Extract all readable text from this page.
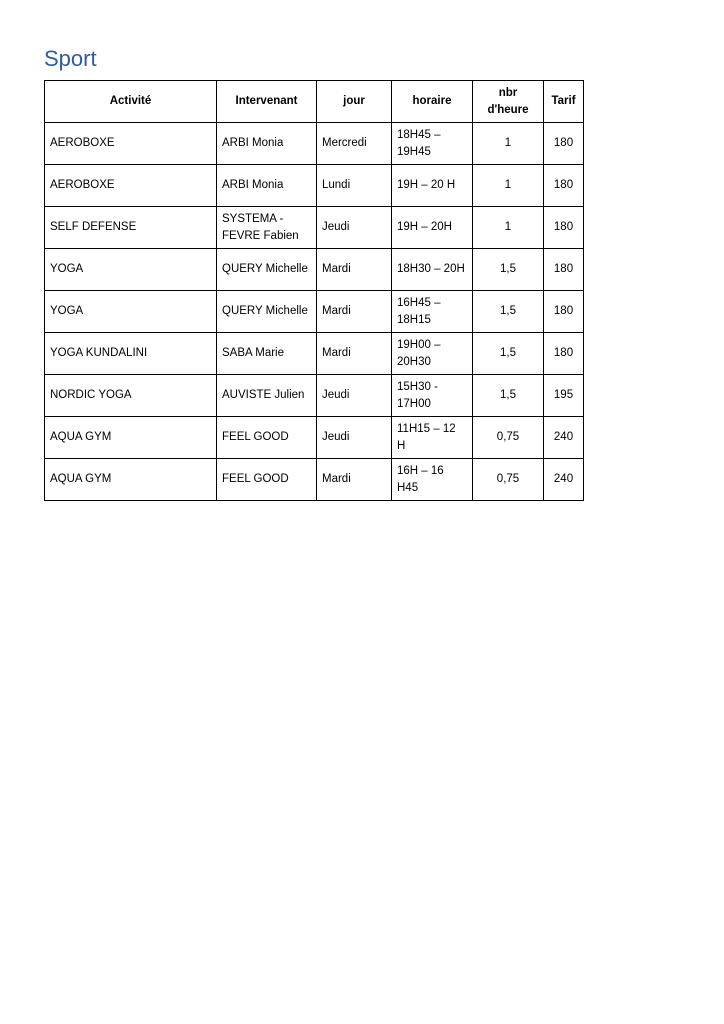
Sport
Activité	Intervenant	jour	horaire	nbr d'heure	Tarif
AEROBOXE	ARBI Monia	Mercredi	18H45 – 19H45	1	180
AEROBOXE	ARBI Monia	Lundi	19H – 20 H	1	180
SELF DEFENSE	SYSTEMA - FEVRE Fabien	Jeudi	19H – 20H	1	180
YOGA	QUERY Michelle	Mardi	18H30 – 20H	1,5	180
YOGA	QUERY Michelle	Mardi	16H45 – 18H15	1,5	180
YOGA KUNDALINI	SABA Marie	Mardi	19H00 – 20H30	1,5	180
NORDIC YOGA	AUVISTE Julien	Jeudi	15H30 - 17H00	1,5	195
AQUA GYM	FEEL GOOD	Jeudi	11H15 – 12 H	0,75	240
AQUA GYM	FEEL GOOD	Mardi	16H – 16 H45	0,75	240
